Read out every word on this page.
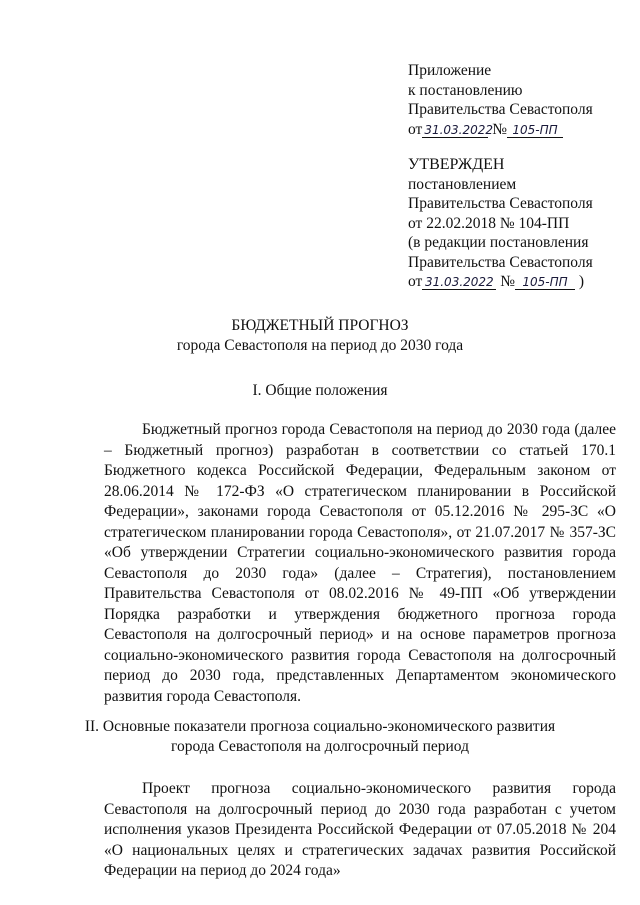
Приложение
к постановлению
Правительства Севастополя
от 31.03.2022 № 105-ПП
УТВЕРЖДЕН
постановлением
Правительства Севастополя
от 22.02.2018 № 104-ПП
(в редакции постановления
Правительства Севастополя
от 31.03.2022 № 105-ПП )
БЮДЖЕТНЫЙ ПРОГНОЗ
города Севастополя на период до 2030 года
I. Общие положения
Бюджетный прогноз города Севастополя на период до 2030 года (далее – Бюджетный прогноз) разработан в соответствии со статьей 170.1 Бюджетного кодекса Российской Федерации, Федеральным законом от 28.06.2014 № 172-ФЗ «О стратегическом планировании в Российской Федерации», законами города Севастополя от 05.12.2016 № 295-ЗС «О стратегическом планировании города Севастополя», от 21.07.2017 № 357-ЗС «Об утверждении Стратегии социально-экономического развития города Севастополя до 2030 года» (далее – Стратегия), постановлением Правительства Севастополя от 08.02.2016 № 49-ПП «Об утверждении Порядка разработки и утверждения бюджетного прогноза города Севастополя на долгосрочный период» и на основе параметров прогноза социально-экономического развития города Севастополя на долгосрочный период до 2030 года, представленных Департаментом экономического развития города Севастополя.
II. Основные показатели прогноза социально-экономического развития
города Севастополя на долгосрочный период
Проект прогноза социально-экономического развития города Севастополя на долгосрочный период до 2030 года разработан с учетом исполнения указов Президента Российской Федерации от 07.05.2018 № 204 «О национальных целях и стратегических задачах развития Российской Федерации на период до 2024 года»
